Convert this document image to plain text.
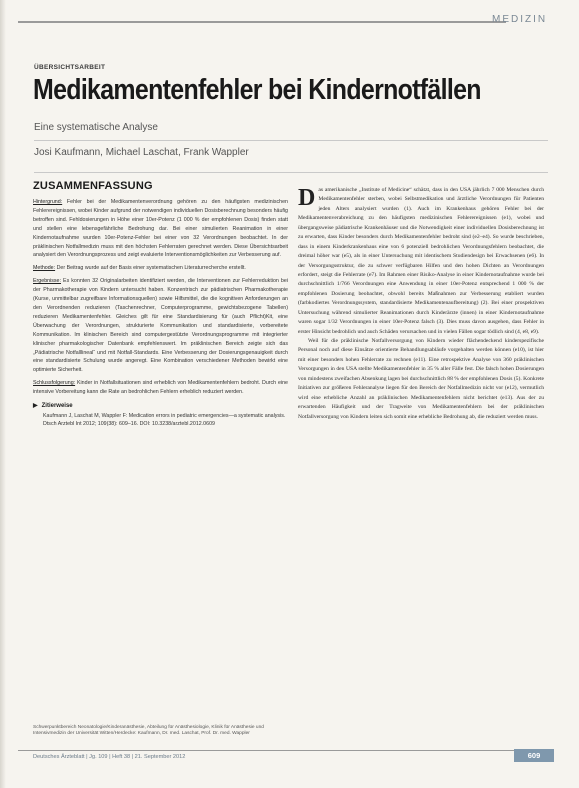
MEDIZIN
ÜBERSICHTSARBEIT
Medikamentenfehler bei Kindernotfällen
Eine systematische Analyse
Josi Kaufmann, Michael Laschat, Frank Wappler
ZUSAMMENFASSUNG

Hintergrund: Fehler bei der Medikamentenverordnung gehören zu den häufigsten medizinischen Fehlerereignissen, wobei Kinder aufgrund der notwendigen individuellen Dosisberechnung besonders häufig betroffen sind. Fehldosierungen in Höhe einer 10er-Potenz (1 000 % der empfohlenen Dosis) finden statt und stellen eine lebensgefährliche Bedrohung dar. Bei einer simulierten Reanimation in einer Kindernotaufnahme wurden 10er-Potenz-Fehler bei einer von 32 Verordnungen beobachtet. In der präklinischen Notfallmedizin muss mit den höchsten Fehlerraten gerechnet werden. Diese Übersichtsarbeit analysiert den Verordnungsprozess und zeigt evaluierte Interventionsmöglichkeiten zur Verbesserung auf.

Methode: Der Beitrag wurde auf der Basis einer systematischen Literaturrecherche erstellt.

Ergebnisse: Es konnten 32 Originalarbeiten identifiziert werden, die Interventionen zur Fehlerreduktion bei der Pharmakotherapie von Kindern untersucht haben. Konzentrisch zur pädiatrischen Pharmakotherapie (Kurse, unmittelbar zugreifbare Informationsquellen) sowie Hilfsmittel, die die kognitiven Anforderungen an den Verordnenden reduzieren (Taschenrechner, Computerprogramme, gewichtsbezogene Tabellen) reduzieren Medikamentenfehler. Gleiches gilt für eine Standardisierung für (auch Pflicht)Kit, eine Überwachung der Verordnungen, strukturierte Kommunikation und standardisierte, vorbereitete Kommunikation. Im klinischen Bereich sind computergestützte Verordnungsprogramme mit integrierter klinischer pharmakologischer Datenbank empfehlenswert. Im präklinischen Bereich zeigte sich das „Pädiatrische Notfalllineal“ und mit Notfall-Standards. Eine Verbesserung der Dosierungsgenauigkeit durch eine standardisierte Schulung wurde angeregt. Eine Kombination verschiedener Methoden bewirkt eine optimierte Sicherheit.

Schlussfolgerung: Kinder in Notfallsituationen sind erheblich von Medikamentenfehlern bedroht. Durch eine intensive Vorbereitung kann die Rate an bedrohlichen Fehlern erheblich reduziert werden.

▶ Zitierweise
Kaufmann J, Laschat M, Wappler F: Medication errors in pediatric emergencies—a systematic analysis. Dtsch Arztebl Int 2012; 109(38): 609–16. DOI: 10.3238/arztebl.2012.0609
D as amerikanische „Institute of Medicine“ schätzt, dass in den USA jährlich 7 000 Menschen durch Medikamentenfehler sterben, wobei Selbstmedikation und ärztliche Verordnungen für Patienten jeden Alters analysiert wurden (1). Auch im Krankenhaus gehören Fehler bei der Medikamentenverabreichung zu den häufigsten medizinischen Fehlerereignissen (e1), wobei und übergangsweise pädiatrische Krankenhäuser und die Notwendigkeit einer individuellen Dosisberechnung ist zu erwarten, dass Kinder besonders durch Medikamentenfehler bedroht sind (e2–e4). So wurde beschrieben, dass in einem Kinderkrankenhaus eine von 6 potenziell bedrohlichen Verordnungsfehlern beobachtet, die dreimal höher war (e5), als in einer Untersuchung mit identischem Studiendesign bei Erwachsenen (e6). In der Versorgungsstruktur, die zu schwer verfügbaren Hilfen und den hohen Dichten an Verordnungen erfordert, steigt die Fehlerrate (e7). Im Rahmen einer Risiko-Analyse in einer Kindernotaufnahme wurde bei durchschnittlich 1/766 Verordnungen eine Anwendung in einer 10er-Potenz entsprechend 1 000 % der empfohlenen Dosierung beobachtet, obwohl bereits Maßnahmen zur Verbesserung etabliert wurden (farbkodiertes Verordnungssystem, standardisierte Medikamentenaufbereitung) (2). Bei einer prospektiven Untersuchung während simulierter Reanimationen durch Kinderärzte (innen) in einer Kindernotaufnahme waren sogar 1/32 Verordnungen in einer 10er-Potenz falsch (3). Dies muss davon ausgehen, dass Fehler in erster Hinsicht bedrohlich und auch Schäden verursachen und in vielen Fällen sogar tödlich sind (4, e8, e9).

Weil für die präklinische Notfallversorgung von Kindern wieder flächendeckend kinderspezifische Personal noch auf diese Einsätze orientierte Behandlungsabläufe vorgehalten werden können (e10), ist hier mit einer besonders hohen Fehlerrate zu rechnen (e11). Eine retrospektive Analyse von 360 präklinischen Versorgungen in den USA stellte Medikamentenfehler in 35 % aller Fälle fest. Die falsch hohen Dosierungen von mindestens zweifachen Absenkung lagen bei durchschnittlich 88 % der empfohlenen Dosis (5). Konkrete Initiativen zur größeren Fehleranalyse liegen für den Bereich der Notfallmedizin nicht vor (e12), vermutlich wird eine erhebliche Anzahl an präklinischen Medikamentenfehlern nicht berichtet (e13). Aus der zu erwartenden Häufigkeit und der Tragweite von Medikamentenfehlern bei der präklinischen Notfallversorgung von Kindern leiten sich somit eine erhebliche Bedrohung ab, die reduziert werden muss.

Schwerpunktbereich Neonatologie/Kinderanästhesie, Abteilung für Anästhesiologie, Klinik für Anästhesie und Intensivmedizin der Universität Witten/Herdecke: Kaufmann, Dr. med. Laschat, Prof. Dr. med. Wappler
Deutsches Ärzteblatt | Jg. 109 | Heft 38 | 21. September 2012	609
